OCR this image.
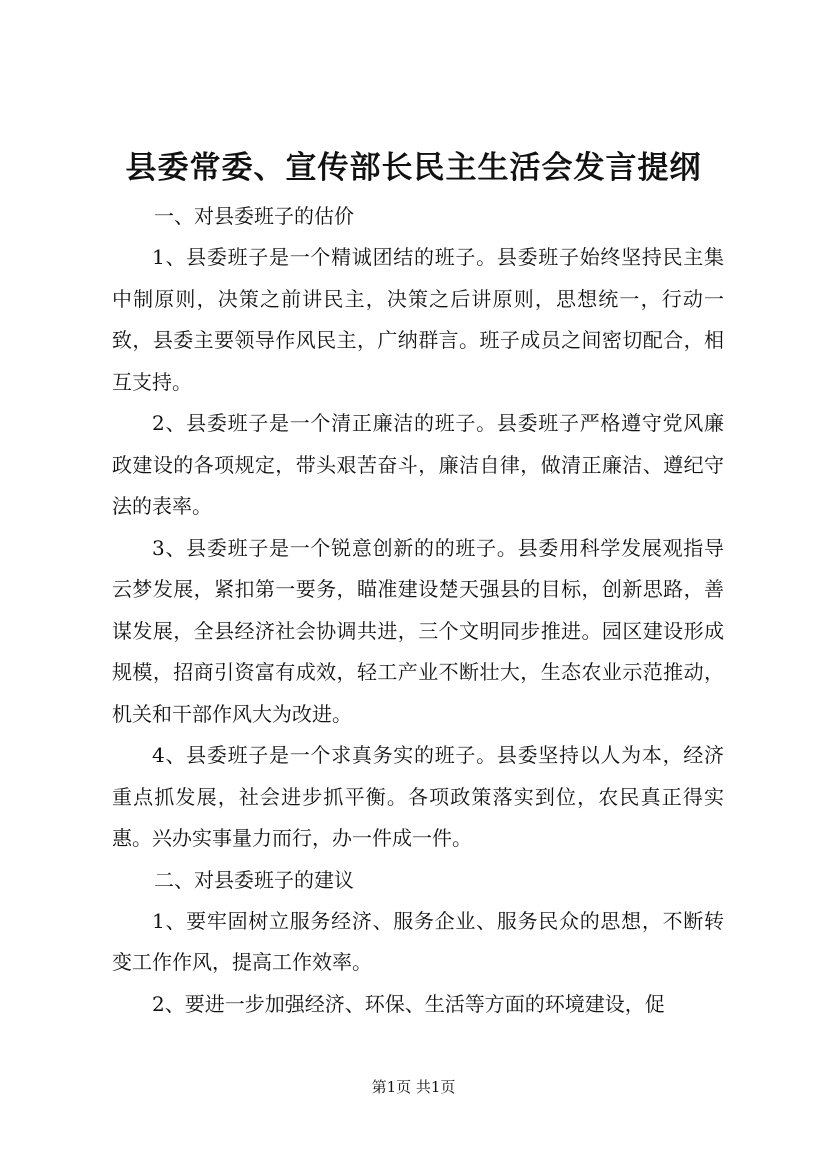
县委常委、宣传部长民主生活会发言提纲

一、对县委班子的估价

1、县委班子是一个精诚团结的班子。县委班子始终坚持民主集中制原则，决策之前讲民主，决策之后讲原则，思想统一，行动一致，县委主要领导作风民主，广纳群言。班子成员之间密切配合，相互支持。

2、县委班子是一个清正廉洁的班子。县委班子严格遵守党风廉政建设的各项规定，带头艰苦奋斗，廉洁自律，做清正廉洁、遵纪守法的表率。

3、县委班子是一个锐意创新的的班子。县委用科学发展观指导云梦发展，紧扣第一要务，瞄准建设楚天强县的目标，创新思路，善谋发展，全县经济社会协调共进，三个文明同步推进。园区建设形成规模，招商引资富有成效，轻工产业不断壮大，生态农业示范推动，机关和干部作风大为改进。

4、县委班子是一个求真务实的班子。县委坚持以人为本，经济重点抓发展，社会进步抓平衡。各项政策落实到位，农民真正得实惠。兴办实事量力而行，办一件成一件。

二、对县委班子的建议

1、要牢固树立服务经济、服务企业、服务民众的思想，不断转变工作作风，提高工作效率。

2、要进一步加强经济、环保、生活等方面的环境建设，促

第1页 共1页
